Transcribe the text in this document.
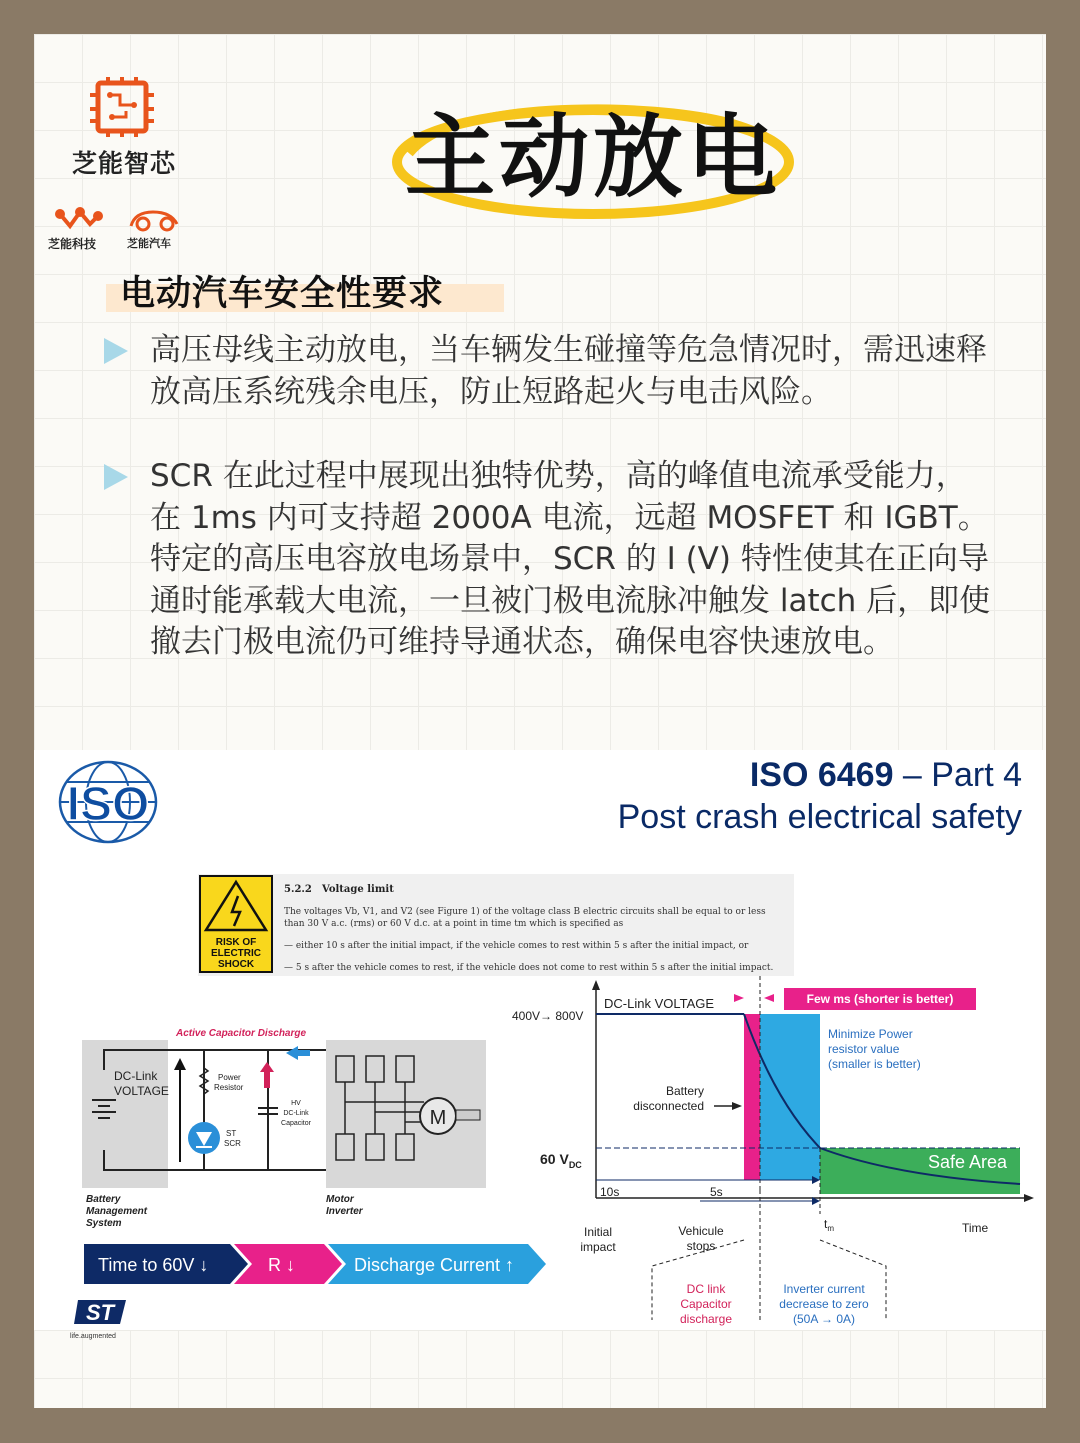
芝能智芯
芝能科技	芝能汽车
主动放电
电动汽车安全性要求
高压母线主动放电，当车辆发生碰撞等危急情况时，需迅速释放高压系统残余电压，防止短路起火与电击风险。
SCR 在此过程中展现出独特优势，高的峰值电流承受能力，在 1ms 内可支持超 2000A 电流，远超 MOSFET 和 IGBT。特定的高压电容放电场景中，SCR 的 I (V) 特性使其在正向导通时能承载大电流，一旦被门极电流脉冲触发 latch 后，即使撤去门极电流仍可维持导通状态，确保电容快速放电。
ISO
ISO 6469 – Part 4
Post crash electrical safety
RISK OF
ELECTRIC
SHOCK
5.2.2 Voltage limit
The voltages Vb, V1, and V2 (see Figure 1) of the voltage class B electric circuits shall be equal to or less
than 30 V a.c. (rms) or 60 V d.c. at a point in time tm which is specified as
— either 10 s after the initial impact, if the vehicle comes to rest within 5 s after the initial impact, or
— 5 s after the vehicle comes to rest, if the vehicle does not come to rest within 5 s after the initial impact.
Active Capacitor Discharge
DC-Link
VOLTAGE
Power
Resistor
ST
SCR
HV
DC-Link
Capacitor	M
Battery
Management
System
Motor
Inverter
Time to 60V ↓	R ↓	Discharge Current ↑
ST
life.augmented
Few ms (shorter is better)
DC-Link VOLTAGE
400V→ 800V
Minimize Power
resistor value
(smaller is better)
Battery
disconnected
60 $V_{DC}$	Safe Area
10s	5s
$t_m$	Time
Initial
impact
Vehicule
stops
DC link
Capacitor
discharge
Inverter current
decrease to zero
(50A → 0A)
